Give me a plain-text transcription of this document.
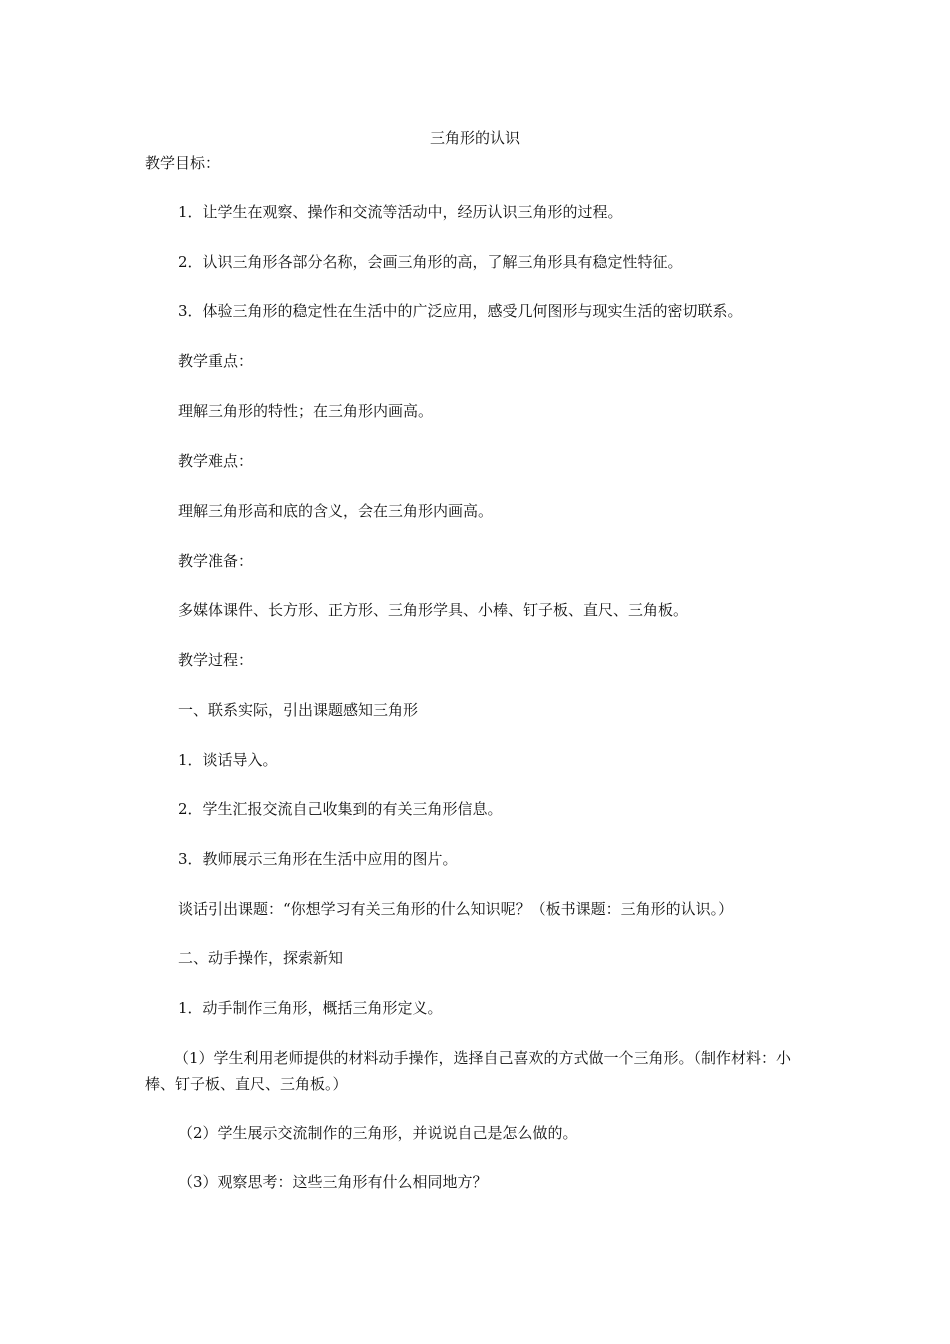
三角形的认识

教学目标：

1．让学生在观察、操作和交流等活动中，经历认识三角形的过程。

2．认识三角形各部分名称，会画三角形的高，了解三角形具有稳定性特征。

3．体验三角形的稳定性在生活中的广泛应用，感受几何图形与现实生活的密切联系。

教学重点：

理解三角形的特性；在三角形内画高。

教学难点：

理解三角形高和底的含义，会在三角形内画高。

教学准备：

多媒体课件、长方形、正方形、三角形学具、小棒、钉子板、直尺、三角板。

教学过程：

一、联系实际，引出课题感知三角形

1．谈话导入。

2．学生汇报交流自己收集到的有关三角形信息。

3．教师展示三角形在生活中应用的图片。

谈话引出课题：“你想学习有关三角形的什么知识呢？（板书课题：三角形的认识。）

二、动手操作，探索新知

1．动手制作三角形，概括三角形定义。

（1）学生利用老师提供的材料动手操作，选择自己喜欢的方式做一个三角形。（制作材料：小棒、钉子板、直尺、三角板。）

（2）学生展示交流制作的三角形，并说说自己是怎么做的。

（3）观察思考：这些三角形有什么相同地方？
